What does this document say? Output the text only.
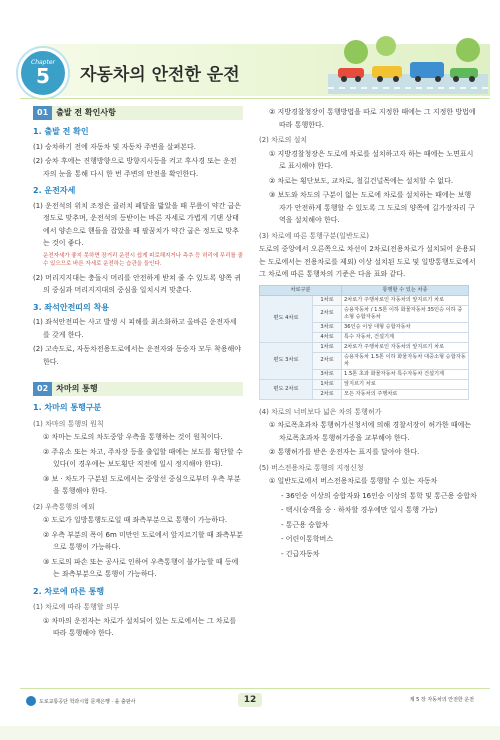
Chapter
5	자동차의 안전한 운전
01	출발 전 확인사항
1. 출발 전 확인
(1) 승차하기 전에 자동차 및 자동차 주변을 살펴본다.
(2) 승차 후에는 진행방향으로 방향지시등을 켜고 후사경 또는 운전자의 눈을 통해 다시 한 번 주변의 안전을 확인한다.
2. 운전자세
(1) 운전석의 위치 조정은 클러치 페달을 밟았을 때 무릎이 약간 굽은 정도로 맞추며, 운전석의 등받이는 바른 자세로 가볍게 기댄 상태에서 양손으로 핸들을 잡았을 때 팔꿈치가 약간 굽은 정도로 맞추는 것이 좋다.
운전자세가 좋지 못하면 장거리 운전시 쉽게 피로해지거나 측추 등 허리에 무리를 줄 수 있으므로 바른 자세로 운전하는 습관을 들인다.
(2) 머리지지대는 충돌시 머리를 안전하게 받쳐 줄 수 있도록 양쪽 귀의 중심과 머리지지대의 중심을 일치시켜 맞춘다.
3. 좌석안전띠의 착용
(1) 좌석안전띠는 사고 발생 시 피해를 최소화하고 올바른 운전자세를 갖게 한다.
(2) 고속도로, 자동차전용도로에서는 운전자와 동승자 모두 착용해야 한다.
02	차마의 통행
1. 차마의 통행구분
(1) 차마의 통행의 원칙
① 차마는 도로의 차도중앙 우측을 통행하는 것이 원칙이다.
② 주유소 또는 차고, 주차장 등을 출입할 때에는 보도를 횡단할 수 있다(이 경우에는 보도횡단 직전에 일시 정지해야 한다).
③ 보 · 차도가 구분된 도로에서는 중앙선 중심으로부터 우측 부분을 통행해야 한다.
(2) 우측통행의 예외
① 도로가 일방통행도로일 때 좌측부분으로 통행이 가능하다.
② 우측 부분의 폭이 6m 미만인 도로에서 앞지르기할 때 좌측부분으로 통행이 가능하다.
③ 도로의 파손 또는 공사로 인하여 우측통행이 불가능할 때 등에는 좌측부분으로 통행이 가능하다.
2. 차로에 따른 통행
(1) 차로에 따라 통행할 의무
① 차마의 운전자는 차로가 설치되어 있는 도로에서는 그 차로를 따라 통행해야 한다.
② 지방경찰청장이 통행방법을 따로 지정한 때에는 그 지정한 방법에 따라 통행한다.
(2) 차로의 설치
① 지방경찰청장은 도로에 차로를 설치하고자 하는 때에는 노면표시로 표시해야 한다.
② 차로는 횡단보도, 교차로, 철길건널목에는 설치할 수 없다.
③ 보도와 차도의 구분이 없는 도로에 차로를 설치하는 때에는 보행자가 안전하게 통행할 수 있도록 그 도로의 양쪽에 길가장자리 구역을 설치해야 한다.
(3) 차로에 따른 통행구분(일반도로)
도로의 중앙에서 오른쪽으로 차선이 2차로(전용차로가 설치되어 운용되는 도로에서는 전용차로를 제외) 이상 설치된 도로 및 일방통행도로에서 그 차로에 따른 통행차의 기준은 다음 표와 같다.
차로구분		통행할 수 있는 차종
편도 4차로	1차로	2차로가 주행차로인 자동차의 앞지르기 차로
	2차로	승용자동차 / 1.5톤 이하 화물자동차 35인승 이하 중소형 승합자동차
	3차로	36인승 이상 대형 승합자동차
	4차로	특수 자동차, 건설기계
편도 3차로	1차로	2차로가 주행차로인 자동차의 앞지르기 차로
	2차로	승용자동차 1.5톤 이하 화물자동차 대중소형 승합자동차
	3차로	1.5톤 초과 화물자동차 특수자동차 건설기계
편도 2차로	1차로	앞지르기 차로
	2차로	모든 자동차의 주행차로
(4) 차로의 너비보다 넓은 차의 통행허가
① 차로폭초과차 통행허가신청서에 의해 경찰서장이 허가한 때에는 차로폭초과차 통행허가증을 교부해야 한다.
② 통행허가를 받은 운전자는 표지를 달아야 한다.
(5) 버스전용차로 통행의 지정신청
① 일반도로에서 버스전용차로를 통행할 수 있는 자동차
- 36인승 이상의 승합자와 16인승 이상의 통학 및 통근용 승합차
- 택시(승객을 승 · 하차할 경우에만 일시 통행 가능)
- 통근용 승합차
- 어린이통학버스
- 긴급자동차
도로교통공단 학과시험 문제은행 · 을 출판사	12	제 5 장 자동차의 안전한 운전
